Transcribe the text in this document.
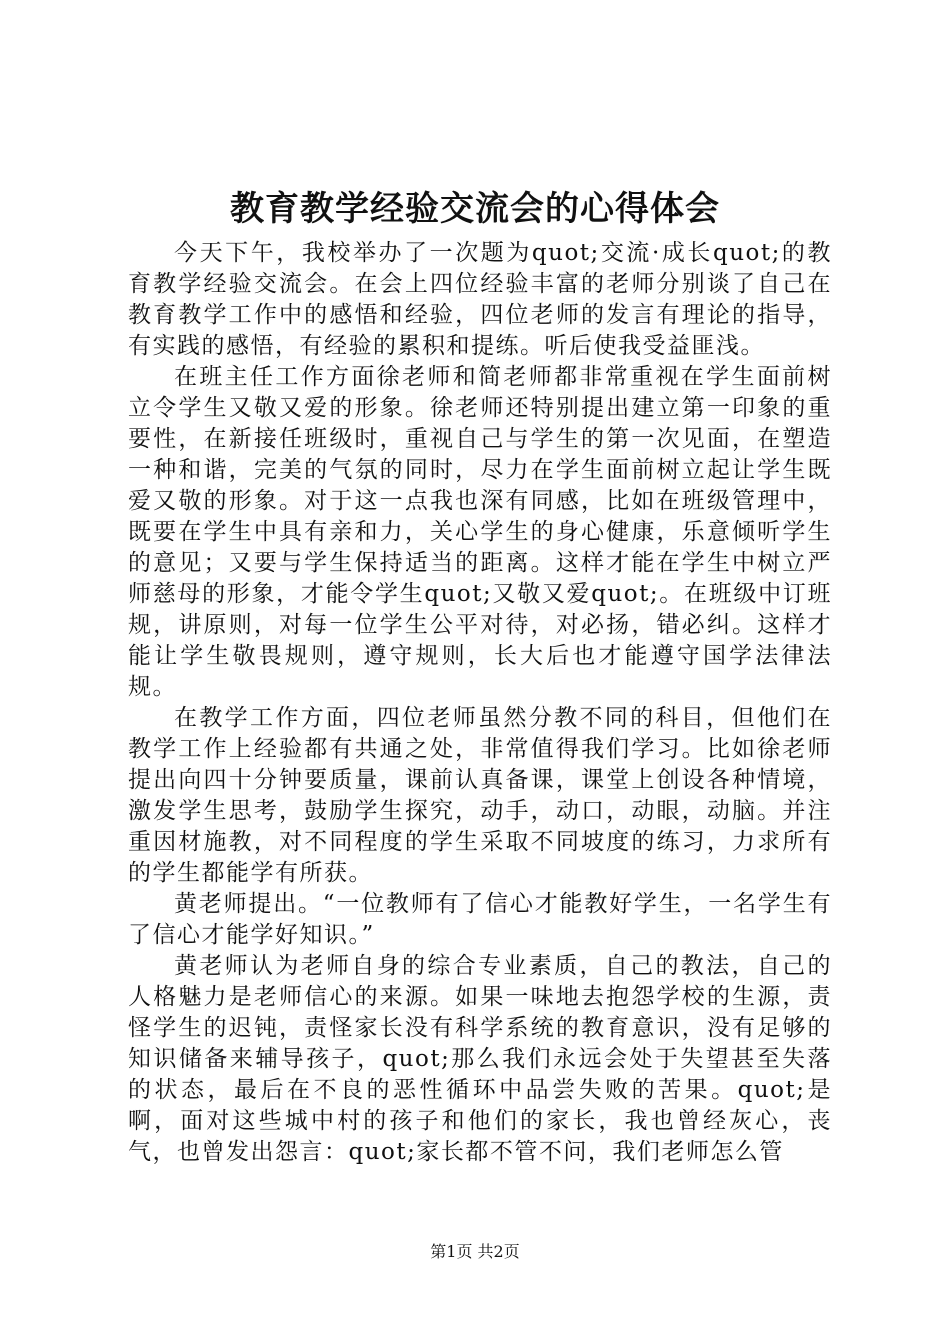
教育教学经验交流会的心得体会

今天下午，我校举办了一次题为quot;交流·成长quot;的教育教学经验交流会。在会上四位经验丰富的老师分别谈了自己在教育教学工作中的感悟和经验，四位老师的发言有理论的指导，有实践的感悟，有经验的累积和提练。听后使我受益匪浅。

在班主任工作方面徐老师和简老师都非常重视在学生面前树立令学生又敬又爱的形象。徐老师还特别提出建立第一印象的重要性，在新接任班级时，重视自己与学生的第一次见面，在塑造一种和谐，完美的气氛的同时，尽力在学生面前树立起让学生既爱又敬的形象。对于这一点我也深有同感，比如在班级管理中，既要在学生中具有亲和力，关心学生的身心健康，乐意倾听学生的意见；又要与学生保持适当的距离。这样才能在学生中树立严师慈母的形象，才能令学生quot;又敬又爱quot;。在班级中订班规，讲原则，对每一位学生公平对待，对必扬，错必纠。这样才能让学生敬畏规则，遵守规则，长大后也才能遵守国学法律法规。

在教学工作方面，四位老师虽然分教不同的科目，但他们在教学工作上经验都有共通之处，非常值得我们学习。比如徐老师提出向四十分钟要质量，课前认真备课，课堂上创设各种情境，激发学生思考，鼓励学生探究，动手，动口，动眼，动脑。并注重因材施教，对不同程度的学生采取不同坡度的练习，力求所有的学生都能学有所获。

黄老师提出。“一位教师有了信心才能教好学生，一名学生有了信心才能学好知识。”

黄老师认为老师自身的综合专业素质，自己的教法，自己的人格魅力是老师信心的来源。如果一味地去抱怨学校的生源，责怪学生的迟钝，责怪家长没有科学系统的教育意识，没有足够的知识储备来辅导孩子，quot;那么我们永远会处于失望甚至失落的状态，最后在不良的恶性循环中品尝失败的苦果。quot;是啊，面对这些城中村的孩子和他们的家长，我也曾经灰心，丧气，也曾发出怨言：quot;家长都不管不问，我们老师怎么管

第1页 共2页
